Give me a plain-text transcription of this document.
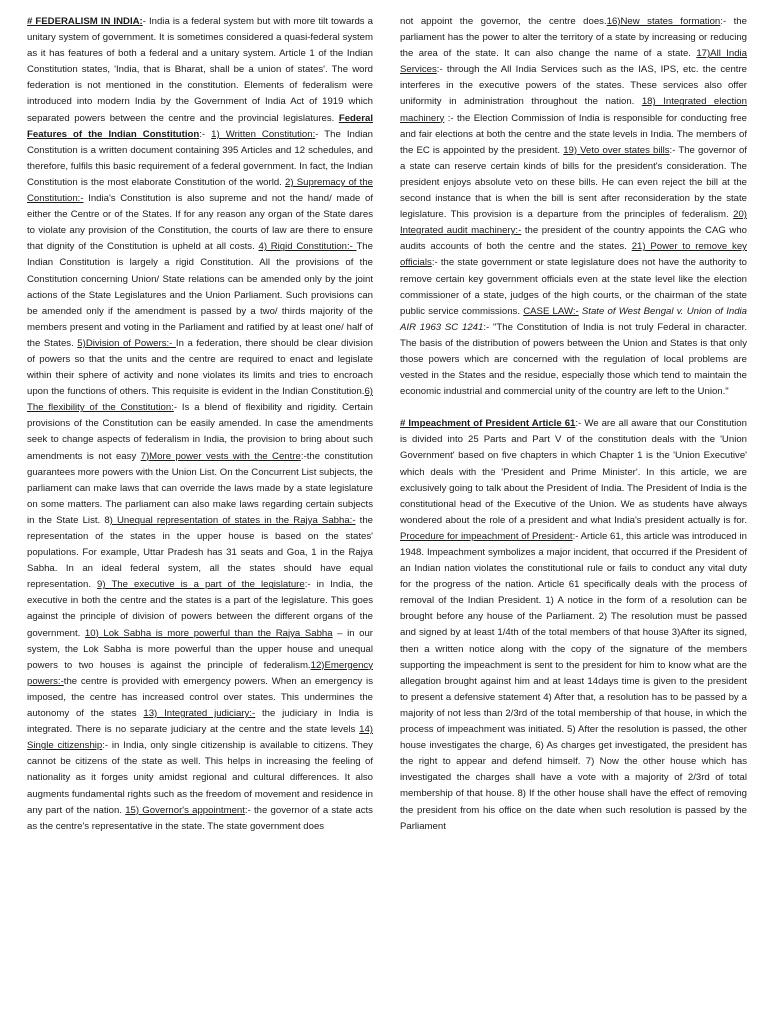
# FEDERALISM IN INDIA:- India is a federal system but with more tilt towards a unitary system of government. It is sometimes considered a quasi-federal system as it has features of both a federal and a unitary system. Article 1 of the Indian Constitution states, 'India, that is Bharat, shall be a union of states'. The word federation is not mentioned in the constitution. Elements of federalism were introduced into modern India by the Government of India Act of 1919 which separated powers between the centre and the provincial legislatures. Federal Features of the Indian Constitution:- 1) Written Constitution:- The Indian Constitution is a written document containing 395 Articles and 12 schedules, and therefore, fulfils this basic requirement of a federal government. In fact, the Indian Constitution is the most elaborate Constitution of the world. 2) Supremacy of the Constitution:- India's Constitution is also supreme and not the hand/ made of either the Centre or of the States. If for any reason any organ of the State dares to violate any provision of the Constitution, the courts of law are there to ensure that dignity of the Constitution is upheld at all costs. 4) Rigid Constitution:- The Indian Constitution is largely a rigid Constitution. All the provisions of the Constitution concerning Union/ State relations can be amended only by the joint actions of the State Legislatures and the Union Parliament. Such provisions can be amended only if the amendment is passed by a two/ thirds majority of the members present and voting in the Parliament and ratified by at least one/ half of the States. 5)Division of Powers:- In a federation, there should be clear division of powers so that the units and the centre are required to enact and legislate within their sphere of activity and none violates its limits and tries to encroach upon the functions of others. This requisite is evident in the Indian Constitution.6) The flexibility of the Constitution:- Is a blend of flexibility and rigidity. Certain provisions of the Constitution can be easily amended. In case the amendments seek to change aspects of federalism in India, the provision to bring about such amendments is not easy 7)More power vests with the Centre:-the constitution guarantees more powers with the Union List. On the Concurrent List subjects, the parliament can make laws that can override the laws made by a state legislature on some matters. The parliament can also make laws regarding certain subjects in the State List. 8) Unequal representation of states in the Rajya Sabha:- the representation of the states in the upper house is based on the states' populations. For example, Uttar Pradesh has 31 seats and Goa, 1 in the Rajya Sabha. In an ideal federal system, all the states should have equal representation. 9) The executive is a part of the legislature:- in India, the executive in both the centre and the states is a part of the legislature. This goes against the principle of division of powers between the different organs of the government. 10) Lok Sabha is more powerful than the Rajya Sabha – in our system, the Lok Sabha is more powerful than the upper house and unequal powers to two houses is against the principle of federalism.12)Emergency powers:-the centre is provided with emergency powers. When an emergency is imposed, the centre has increased control over states. This undermines the autonomy of the states 13) Integrated judiciary:- the judiciary in India is integrated. There is no separate judiciary at the centre and the state levels 14) Single citizenship:- in India, only single citizenship is available to citizens. They cannot be citizens of the state as well. This helps in increasing the feeling of nationality as it forges unity amidst regional and cultural differences. It also augments fundamental rights such as the freedom of movement and residence in any part of the nation. 15) Governor's appointment:- the governor of a state acts as the centre's representative in the state. The state government does

not appoint the governor, the centre does.16)New states formation:- the parliament has the power to alter the territory of a state by increasing or reducing the area of the state. It can also change the name of a state. 17)All India Services:- through the All India Services such as the IAS, IPS, etc. the centre interferes in the executive powers of the states. These services also offer uniformity in administration throughout the nation. 18) Integrated election machinery :- the Election Commission of India is responsible for conducting free and fair elections at both the centre and the state levels in India. The members of the EC is appointed by the president. 19) Veto over states bills:- The governor of a state can reserve certain kinds of bills for the president's consideration. The president enjoys absolute veto on these bills. He can even reject the bill at the second instance that is when the bill is sent after reconsideration by the state legislature. This provision is a departure from the principles of federalism. 20) Integrated audit machinery:- the president of the country appoints the CAG who audits accounts of both the centre and the states. 21) Power to remove key officials:- the state government or state legislature does not have the authority to remove certain key government officials even at the state level like the election commissioner of a state, judges of the high courts, or the chairman of the state public service commissions. CASE LAW:- State of West Bengal v. Union of India AIR 1963 SC 1241:- "The Constitution of India is not truly Federal in character. The basis of the distribution of powers between the Union and States is that only those powers which are concerned with the regulation of local problems are vested in the States and the residue, especially those which tend to maintain the economic industrial and commercial unity of the country are left to the Union."

# Impeachment of President Article 61:- We are all aware that our Constitution is divided into 25 Parts and Part V of the constitution deals with the 'Union Government' based on five chapters in which Chapter 1 is the 'Union Executive' which deals with the 'President and Prime Minister'. In this article, we are exclusively going to talk about the President of India. The President of India is the constitutional head of the Executive of the Union. We as students have always wondered about the role of a president and what India's president actually is for. Procedure for impeachment of President:- Article 61, this article was introduced in 1948. Impeachment symbolizes a major incident, that occurred if the President of an Indian nation violates the constitutional rule or fails to conduct any vital duty for the progress of the nation. Article 61 specifically deals with the process of removal of the Indian President. 1) A notice in the form of a resolution can be brought before any house of the Parliament. 2) The resolution must be passed and signed by at least 1/4th of the total members of that house 3)After its signed, then a written notice along with the copy of the signature of the members supporting the impeachment is sent to the president for him to know what are the allegation brought against him and at least 14days time is given to the president to present a defensive statement 4) After that, a resolution has to be passed by a majority of not less than 2/3rd of the total membership of that house, in which the process of impeachment was initiated. 5) After the resolution is passed, the other house investigates the charge, 6) As charges get investigated, the president has the right to appear and defend himself. 7) Now the other house which has investigated the charges shall have a vote with a majority of 2/3rd of total membership of that house. 8) If the other house shall have the effect of removing the president from his office on the date when such resolution is passed by the Parliament
